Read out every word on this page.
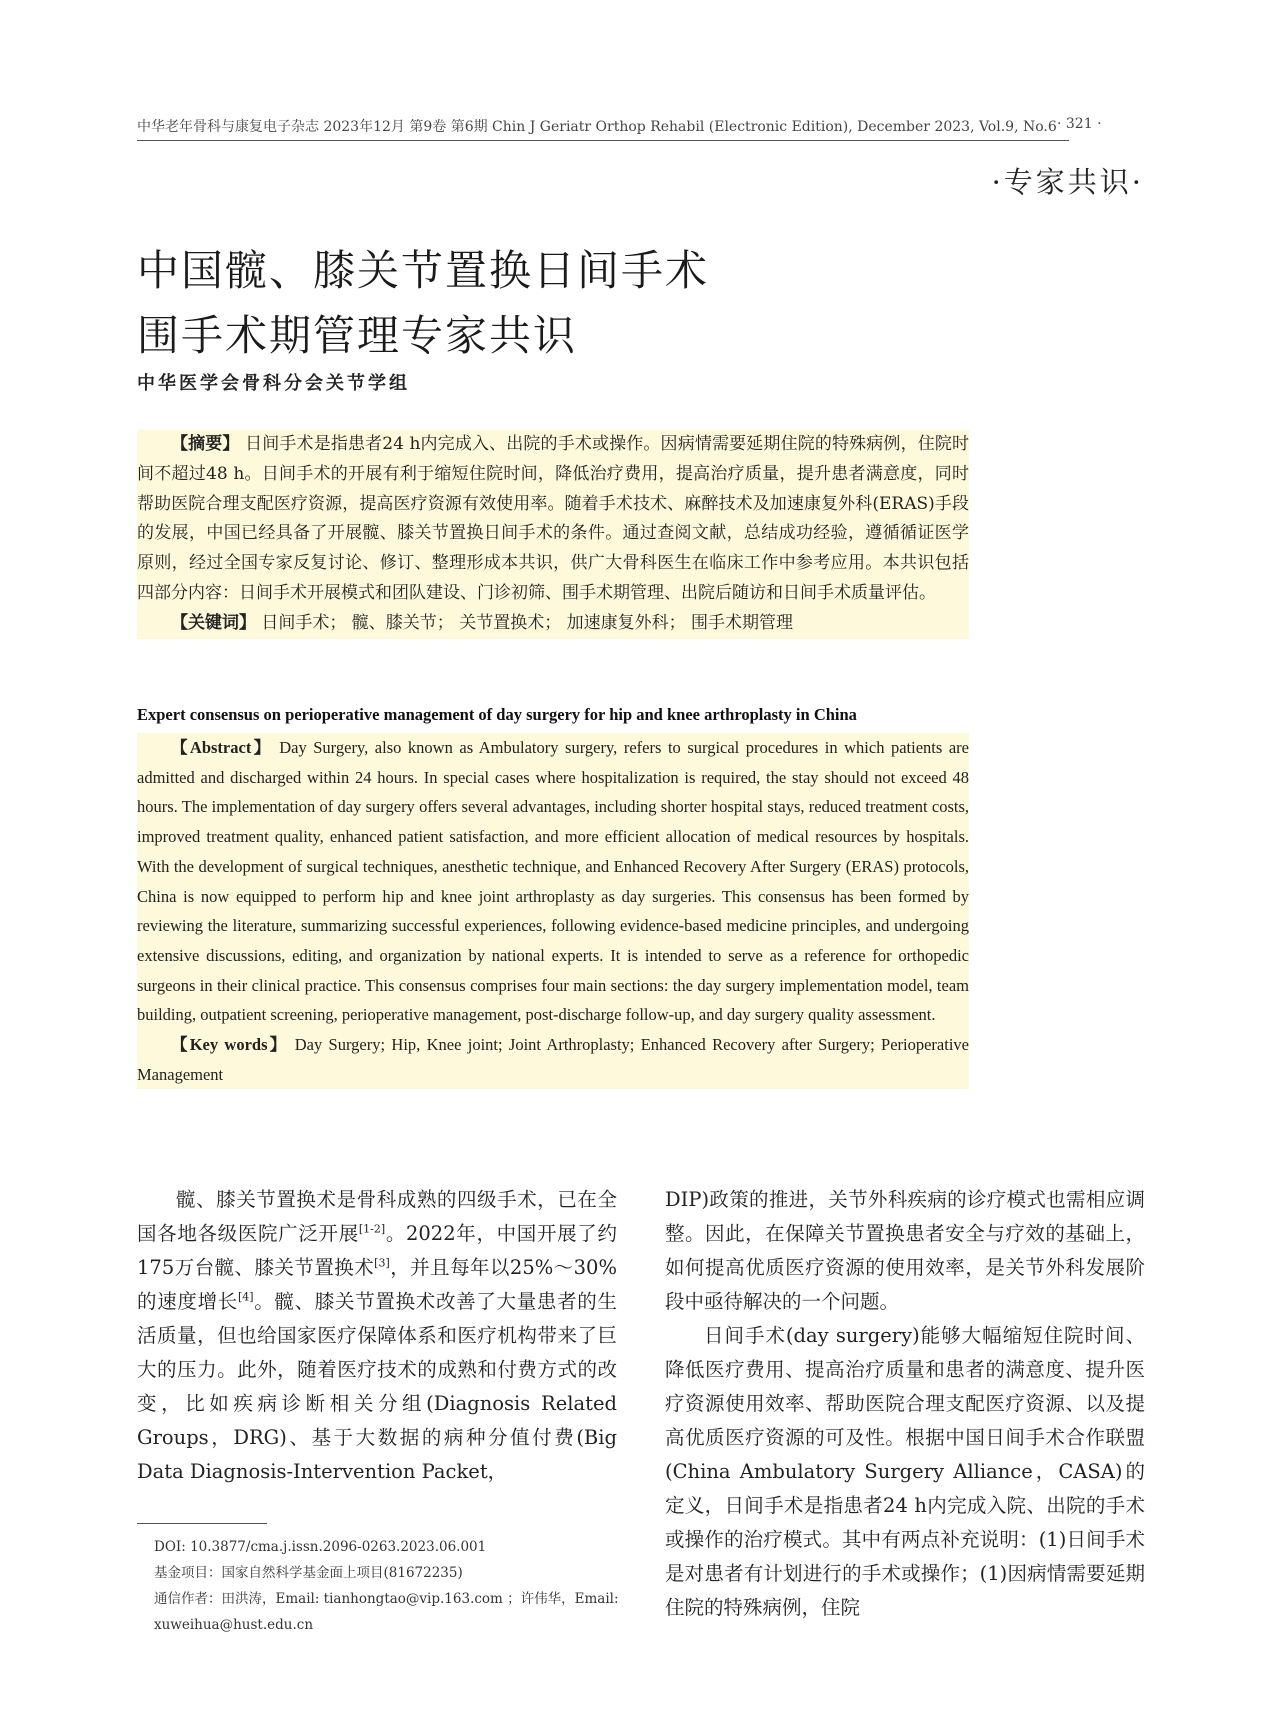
中华老年骨科与康复电子杂志 2023年12月 第9卷 第6期 Chin J Geriatr Orthop Rehabil (Electronic Edition), December 2023, Vol.9, No.6 · 321 ·
·专家共识·
中国髋、膝关节置换日间手术
围手术期管理专家共识
中华医学会骨科分会关节学组

【摘要】 日间手术是指患者24 h内完成入、出院的手术或操作。因病情需要延期住院的特殊病例，住院时间不超过48 h。日间手术的开展有利于缩短住院时间，降低治疗费用，提高治疗质量，提升患者满意度，同时帮助医院合理支配医疗资源，提高医疗资源有效使用率。随着手术技术、麻醉技术及加速康复外科(ERAS)手段的发展，中国已经具备了开展髋、膝关节置换日间手术的条件。通过查阅文献，总结成功经验，遵循循证医学原则，经过全国专家反复讨论、修订、整理形成本共识，供广大骨科医生在临床工作中参考应用。本共识包括四部分内容：日间手术开展模式和团队建设、门诊初筛、围手术期管理、出院后随访和日间手术质量评估。

【关键词】 日间手术； 髋、膝关节； 关节置换术； 加速康复外科； 围手术期管理

Expert consensus on perioperative management of day surgery for hip and knee arthroplasty in China

【Abstract】 Day Surgery, also known as Ambulatory surgery, refers to surgical procedures in which patients are admitted and discharged within 24 hours. In special cases where hospitalization is required, the stay should not exceed 48 hours. The implementation of day surgery offers several advantages, including shorter hospital stays, reduced treatment costs, improved treatment quality, enhanced patient satisfaction, and more efficient allocation of medical resources by hospitals. With the development of surgical techniques, anesthetic technique, and Enhanced Recovery After Surgery (ERAS) protocols, China is now equipped to perform hip and knee joint arthroplasty as day surgeries. This consensus has been formed by reviewing the literature, summarizing successful experiences, following evidence-based medicine principles, and undergoing extensive discussions, editing, and organization by national experts. It is intended to serve as a reference for orthopedic surgeons in their clinical practice. This consensus comprises four main sections: the day surgery implementation model, team building, outpatient screening, perioperative management, post-discharge follow-up, and day surgery quality assessment.

【Key words】 Day Surgery; Hip, Knee joint; Joint Arthroplasty; Enhanced Recovery after Surgery; Perioperative Management

髋、膝关节置换术是骨科成熟的四级手术，已在全国各地各级医院广泛开展[1-2]。2022年，中国开展了约175万台髋、膝关节置换术[3]，并且每年以25%～30%的速度增长[4]。髋、膝关节置换术改善了大量患者的生活质量，但也给国家医疗保障体系和医疗机构带来了巨大的压力。此外，随着医疗技术的成熟和付费方式的改变，比如疾病诊断相关分组(Diagnosis Related Groups，DRG)、基于大数据的病种分值付费(Big Data Diagnosis-Intervention Packet，

DIP)政策的推进，关节外科疾病的诊疗模式也需相应调整。因此，在保障关节置换患者安全与疗效的基础上，如何提高优质医疗资源的使用效率，是关节外科发展阶段中亟待解决的一个问题。

日间手术(day surgery)能够大幅缩短住院时间、降低医疗费用、提高治疗质量和患者的满意度、提升医疗资源使用效率、帮助医院合理支配医疗资源、以及提高优质医疗资源的可及性。根据中国日间手术合作联盟(China Ambulatory Surgery Alliance，CASA)的定义，日间手术是指患者24 h内完成入院、出院的手术或操作的治疗模式。其中有两点补充说明：(1)日间手术是对患者有计划进行的手术或操作；(1)因病情需要延期住院的特殊病例，住院

DOI: 10.3877/cma.j.issn.2096-0263.2023.06.001

基金项目：国家自然科学基金面上项目(81672235)

通信作者：田洪涛，Email: tianhongtao@vip.163.com ；许伟华，Email: xuweihua@hust.edu.cn
